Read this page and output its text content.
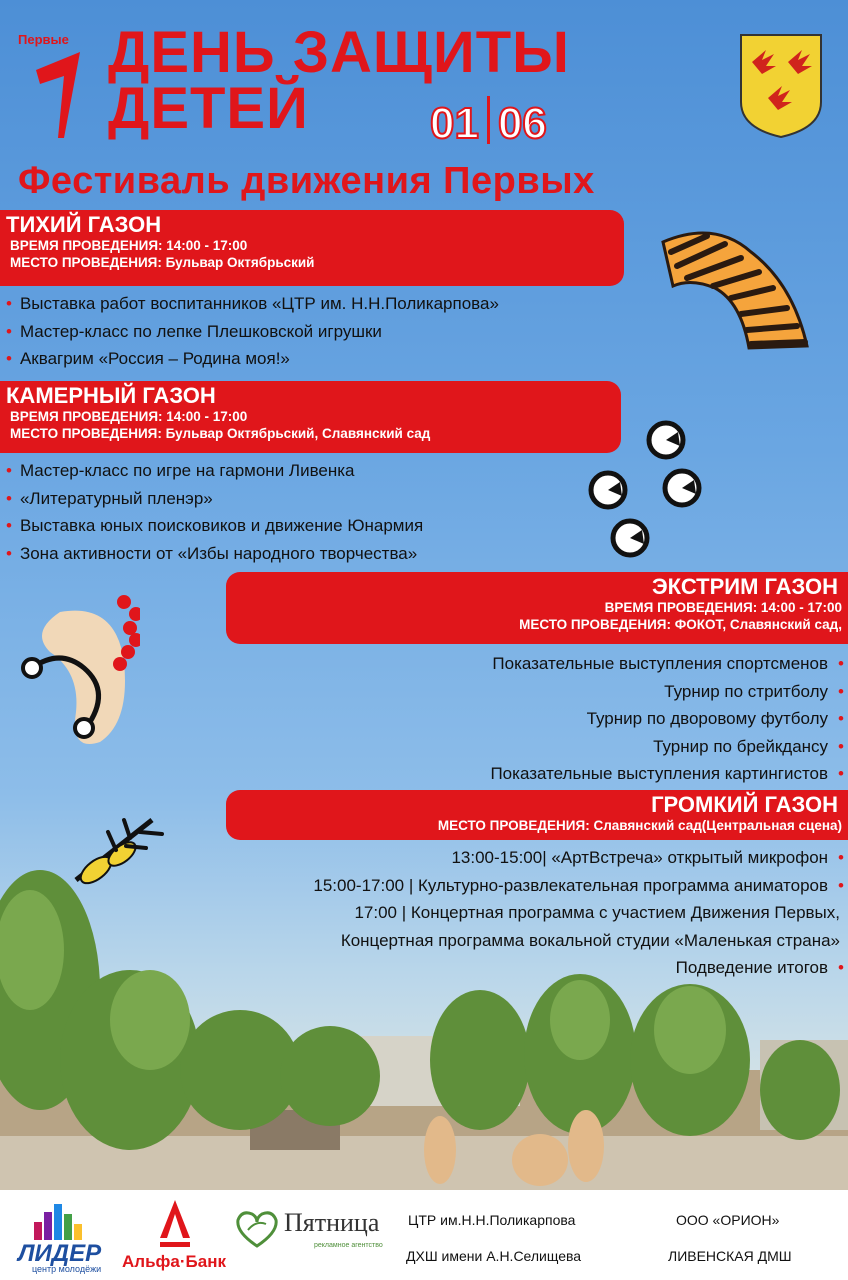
Первые ДЕНЬ ЗАЩИТЫ
ДЕТЕЙ	01 06
Фестиваль движения Первых
ТИХИЙ ГАЗОН
ВРЕМЯ ПРОВЕДЕНИЯ: 14:00 - 17:00
МЕСТО ПРОВЕДЕНИЯ: Бульвар Октябрьский
• Выставка работ воспитанников «ЦТР им. Н.Н.Поликарпова»
• Мастер-класс по лепке Плешковской игрушки
• Аквагрим «Россия – Родина моя!»
КАМЕРНЫЙ ГАЗОН
ВРЕМЯ ПРОВЕДЕНИЯ: 14:00 - 17:00
МЕСТО ПРОВЕДЕНИЯ: Бульвар Октябрьский, Славянский сад
• Мастер-класс по игре на гармони Ливенка
• «Литературный пленэр»
• Выставка юных поисковиков и движение Юнармия
• Зона активности от «Избы народного творчества»
ЭКСТРИМ ГАЗОН
ВРЕМЯ ПРОВЕДЕНИЯ: 14:00 - 17:00
МЕСТО ПРОВЕДЕНИЯ: ФОКОТ, Славянский сад,
Показательные выступления спортсменов •
Турнир по стритболу •
Турнир по дворовому футболу •
Турнир по брейкдансу •
Показательные выступления картингистов •
ГРОМКИЙ ГАЗОН
МЕСТО ПРОВЕДЕНИЯ: Славянский сад(Центральная сцена)
13:00-15:00| «АртВстреча» открытый микрофон •
15:00-17:00 | Культурно-развлекательная программа аниматоров •
17:00 | Концертная программа с участием Движения Первых,
Концертная программа вокальной студии «Маленькая страна»
Подведение итогов •
ЛИДЕР
центр молодёжи Альфа·Банк
Пятница
рекламное агентство
ЦТР им.Н.Н.Поликарпова	ООО «ОРИОН»
ДХШ имени А.Н.Селищева	ЛИВЕНСКАЯ ДМШ
